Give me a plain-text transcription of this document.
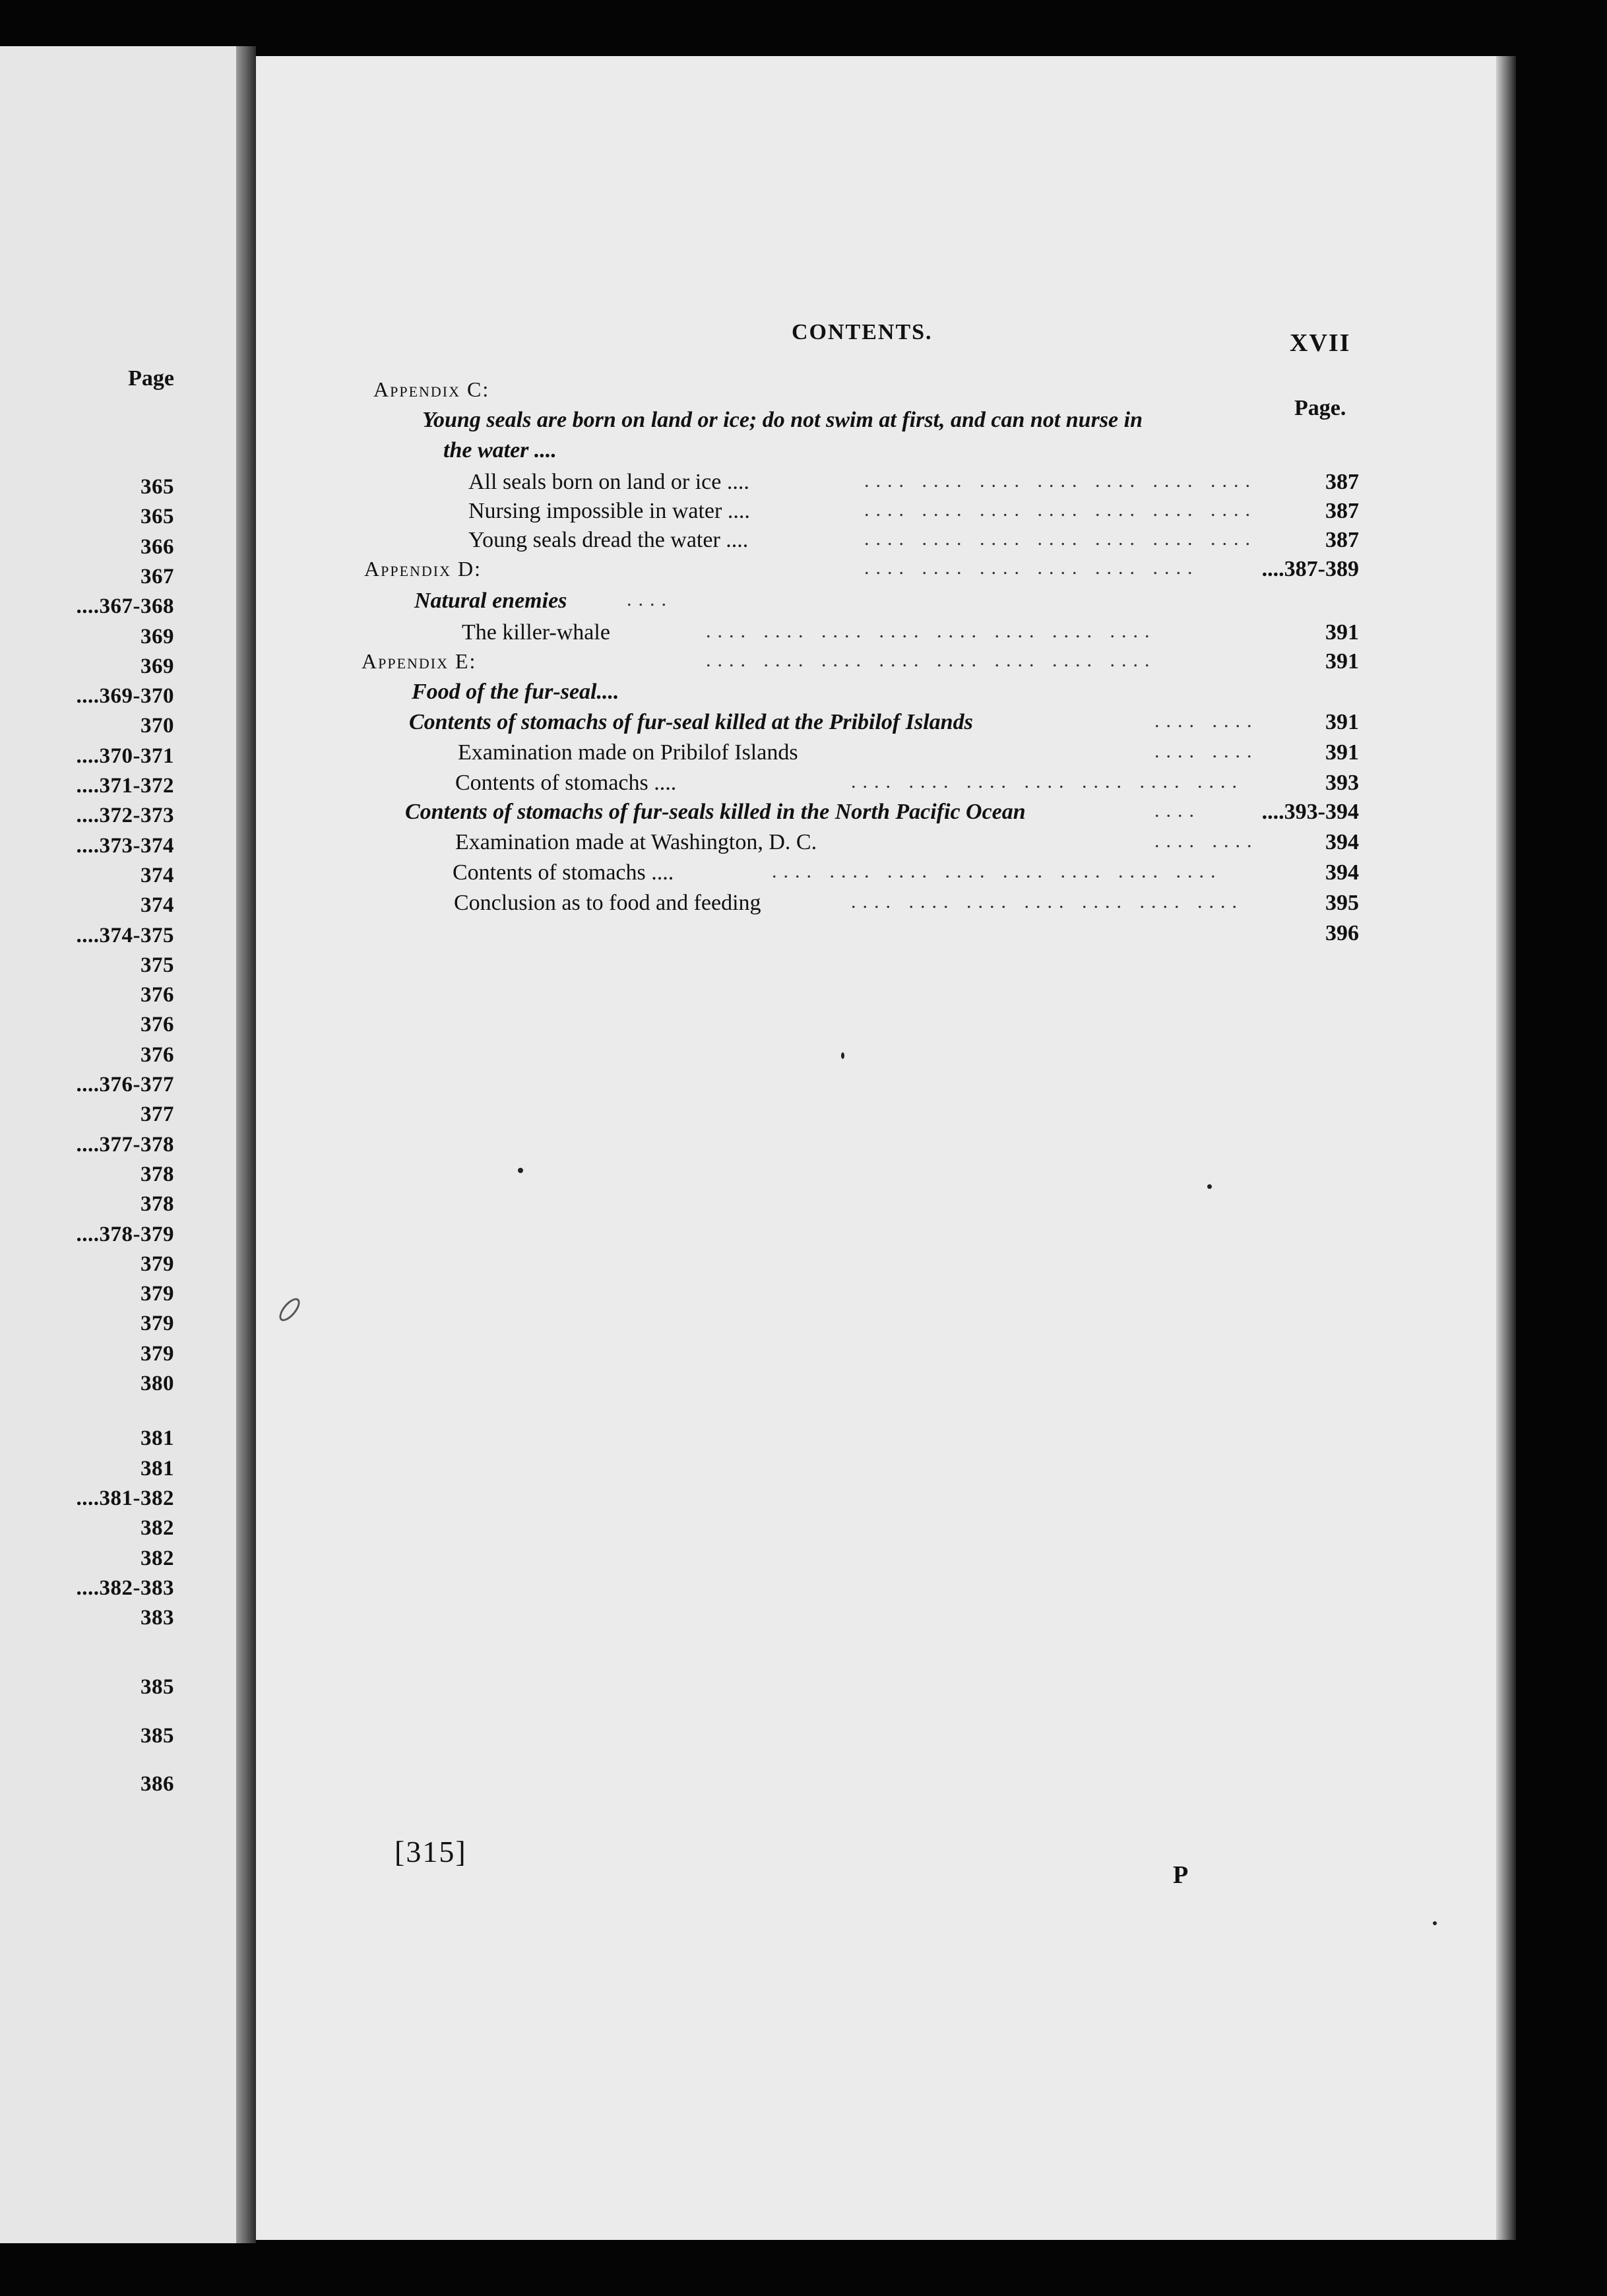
Page
365
365
366
367
....367-368
369
369
....369-370
370
....370-371
....371-372
....372-373
....373-374
374
374
....374-375
375
376
376
376
....376-377
377
....377-378
378
378
....378-379
379
379
379
379
380
381
381
....381-382
382
382
....382-383
383
385
385
386
CONTENTS.	XVII
Page.
Appendix C:
Young seals are born on land or ice; do not swim at first, and can not nurse in
the water ....
All seals born on land or ice ....	.... .... .... .... .... .... ....	387
Nursing impossible in water ....	.... .... .... .... .... .... ....	387
Young seals dread the water ....	.... .... .... .... .... .... ....	387
Appendix D:	.... .... .... .... .... ....	....387-389
Natural enemies	....
The killer-whale	.... .... .... .... .... .... .... ....	391
Appendix E:	.... .... .... .... .... .... .... ....	391
Food of the fur-seal....
Contents of stomachs of fur-seal killed at the Pribilof Islands	.... ....	391
Examination made on Pribilof Islands	.... ....	391
Contents of stomachs ....	.... .... .... .... .... .... ....	393
Contents of stomachs of fur-seals killed in the North Pacific Ocean	....	....393-394
Examination made at Washington, D. C.	.... ....	394
Contents of stomachs ....	.... .... .... .... .... .... .... ....	394
Conclusion as to food and feeding	.... .... .... .... .... .... ....	395
396
[315]
P
